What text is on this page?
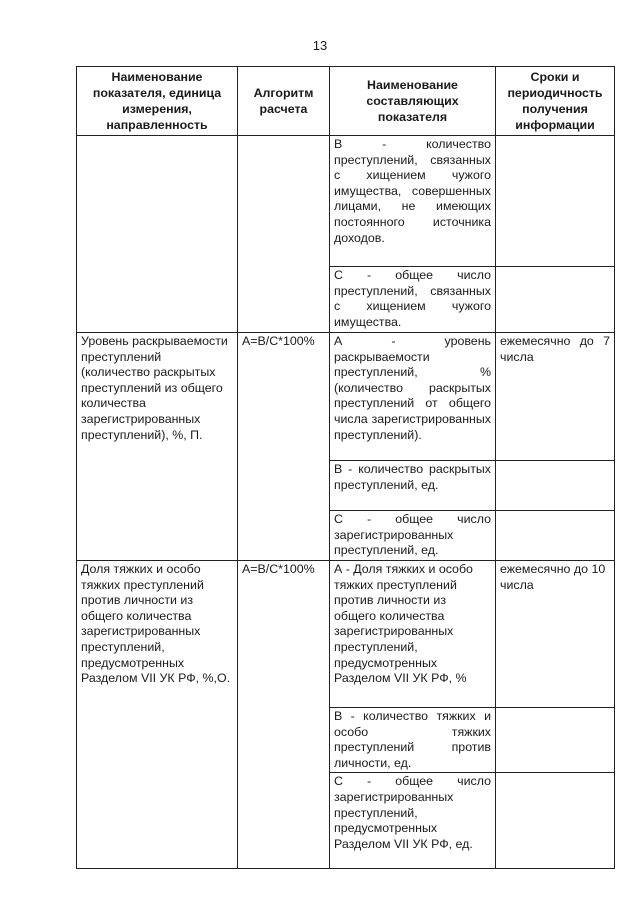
13
Наименование показателя, единица измерения, направленность	Алгоритм расчета	Наименование составляющих показателя	Сроки и периодичность получения информации
		В - количество преступлений, связанных с хищением чужого имущества, совершенных лицами, не имеющих постоянного источника доходов.	
		С - общее число преступлений, связанных с хищением чужого имущества.	
Уровень раскрываемости преступлений (количество раскрытых преступлений из общего количества зарегистрированных преступлений), %, П.	А=В/С*100%	А - уровень раскрываемости преступлений, % (количество раскрытых преступлений от общего числа зарегистрированных преступлений).	ежемесячно до 7 числа
		В - количество раскрытых преступлений, ед.	
		С - общее число зарегистрированных преступлений, ед.	
Доля тяжких и особо тяжких преступлений против личности из общего количества зарегистрированных преступлений, предусмотренных Разделом VII УК РФ, %,О.	А=В/С*100%	А - Доля тяжких и особо тяжких преступлений против личности из общего количества зарегистрированных преступлений, предусмотренных Разделом VII УК РФ, %	ежемесячно до 10 числа
		В - количество тяжких и особо тяжких преступлений против личности, ед.	
		С - общее число зарегистрированных преступлений, предусмотренных Разделом VII УК РФ, ед.	
